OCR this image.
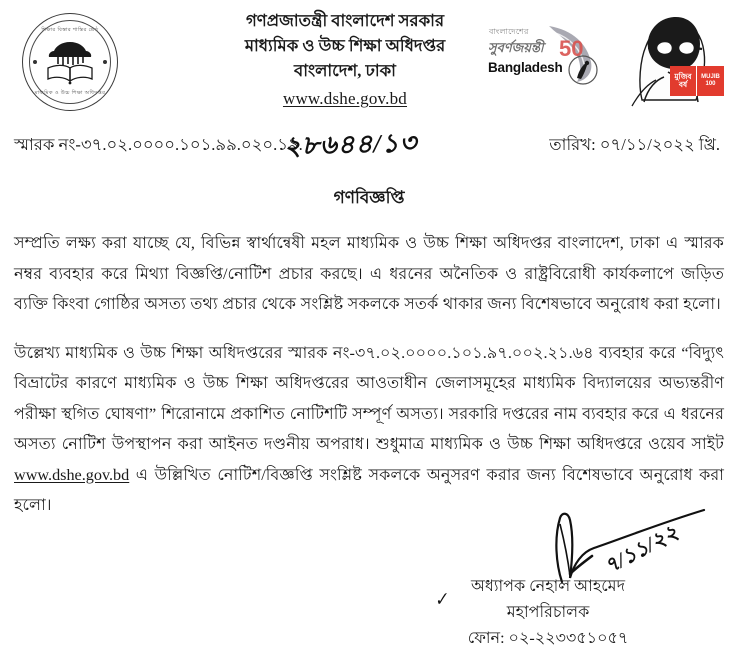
শিক্ষার বিস্তার শান্তির শ্রেষ্ঠ
মাধ্যমিক ও উচ্চ শিক্ষা অধিদপ্তর
গণপ্রজাতন্ত্রী বাংলাদেশ সরকার
মাধ্যমিক ও উচ্চ শিক্ষা অধিদপ্তর
বাংলাদেশ, ঢাকা
www.dshe.gov.bd
বাংলাদেশের
সুবর্ণজয়ন্তী
Bangladesh
50
মুজিব
বর্ষ
MUJIB
100
স্মারক নং-৩৭.০২.০০০০.১০১.৯৯.০২০.১৯.
২৮৬৪৪/১৩	তারিখ: ০৭/১১/২০২২ খ্রি.
গণবিজ্ঞপ্তি

সম্প্রতি লক্ষ্য করা যাচ্ছে যে, বিভিন্ন স্বার্থান্বেষী মহল মাধ্যমিক ও উচ্চ শিক্ষা অধিদপ্তর বাংলাদেশ, ঢাকা এ স্মারক নম্বর ব্যবহার করে মিথ্যা বিজ্ঞপ্তি/নোটিশ প্রচার করছে। এ ধরনের অনৈতিক ও রাষ্ট্রবিরোধী কার্যকলাপে জড়িত ব্যক্তি কিংবা গোষ্ঠির অসত্য তথ্য প্রচার থেকে সংশ্লিষ্ট সকলকে সতর্ক থাকার জন্য বিশেষভাবে অনুরোধ করা হলো।

উল্লেখ্য মাধ্যমিক ও উচ্চ শিক্ষা অধিদপ্তরের স্মারক নং-৩৭.০২.০০০০.১০১.৯৭.০০২.২১.৬৪ ব্যবহার করে “বিদ্যুৎ বিভ্রাটের কারণে মাধ্যমিক ও উচ্চ শিক্ষা অধিদপ্তরের আওতাধীন জেলাসমূহের মাধ্যমিক বিদ্যালয়ের অভ্যন্তরীণ পরীক্ষা স্থগিত ঘোষণা” শিরোনামে প্রকাশিত নোটিশটি সম্পূর্ণ অসত্য। সরকারি দপ্তরের নাম ব্যবহার করে এ ধরনের অসত্য নোটিশ উপস্থাপন করা আইনত দণ্ডনীয় অপরাধ। শুধুমাত্র মাধ্যমিক ও উচ্চ শিক্ষা অধিদপ্তরে ওয়েব সাইট www.dshe.gov.bd এ উল্লিখিত নোটিশ/বিজ্ঞপ্তি সংশ্লিষ্ট সকলকে অনুসরণ করার জন্য বিশেষভাবে অনুরোধ করা হলো।

৭/১১/২২
✓
অধ্যাপক নেহাল আহমেদ
মহাপরিচালক
ফোন: ০২-২২৩৩৫১০৫৭
